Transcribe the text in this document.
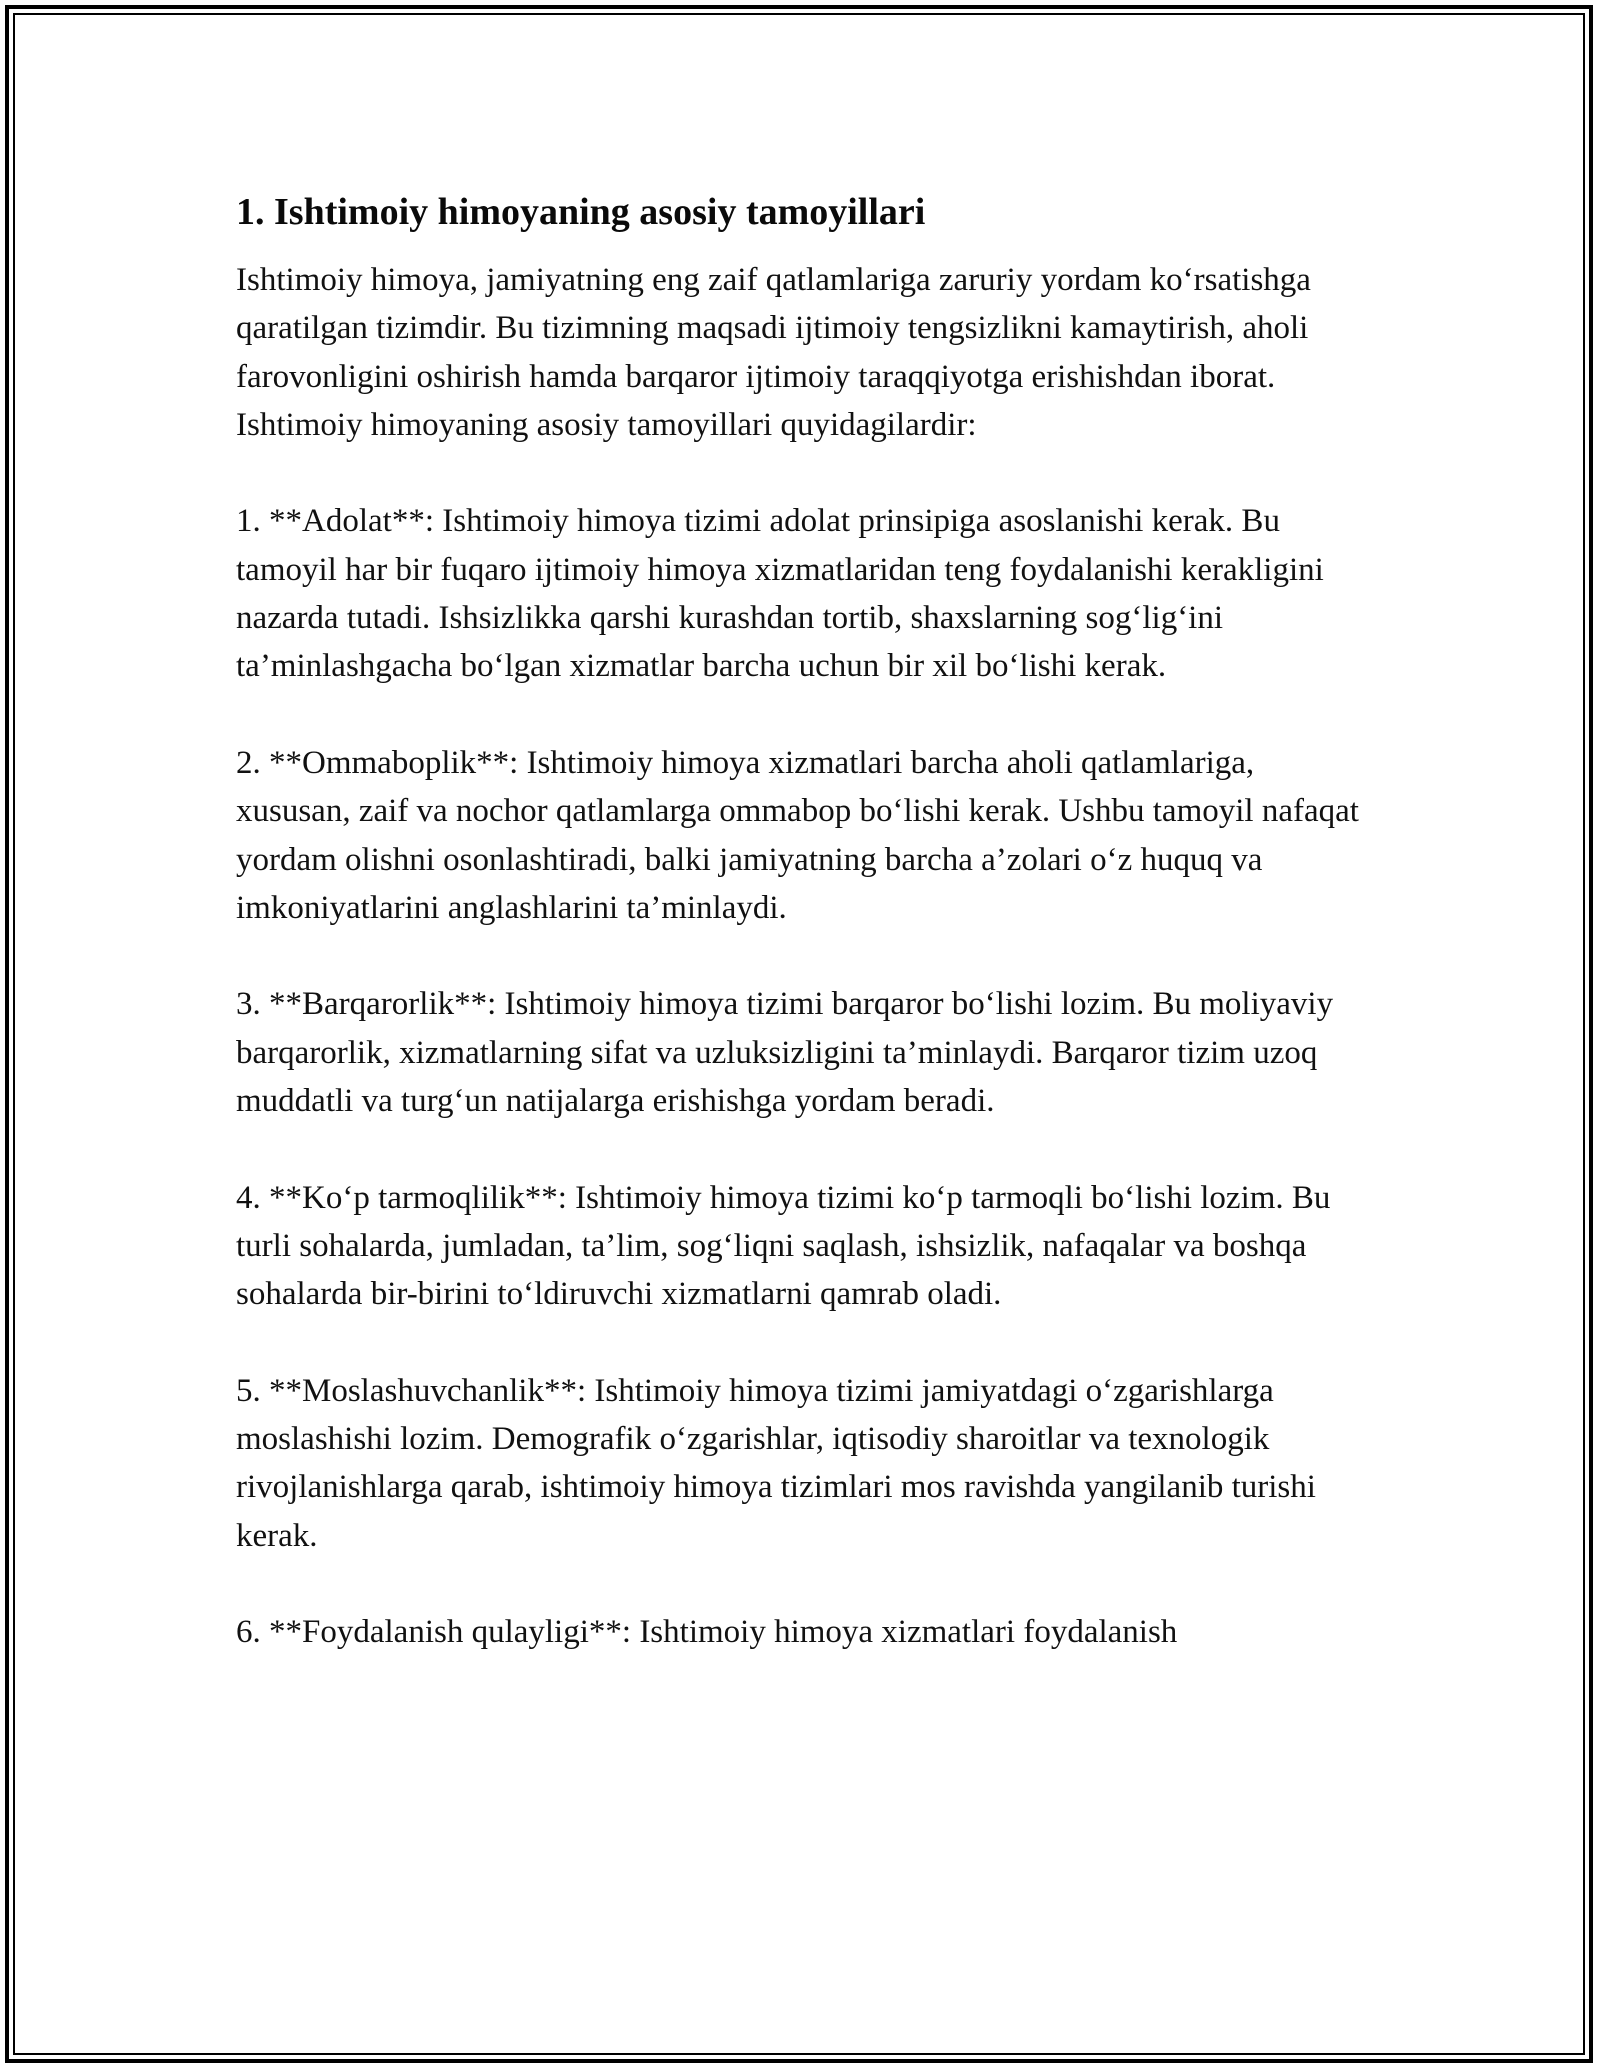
1. Ishtimoiy himoyaning asosiy tamoyillari

Ishtimoiy himoya, jamiyatning eng zaif qatlamlariga zaruriy yordam ko‘rsatishga qaratilgan tizimdir. Bu tizimning maqsadi ijtimoiy tengsizlikni kamaytirish, aholi farovonligini oshirish hamda barqaror ijtimoiy taraqqiyotga erishishdan iborat. Ishtimoiy himoyaning asosiy tamoyillari quyidagilardir:

1. **Adolat**: Ishtimoiy himoya tizimi adolat prinsipiga asoslanishi kerak. Bu tamoyil har bir fuqaro ijtimoiy himoya xizmatlaridan teng foydalanishi kerakligini nazarda tutadi. Ishsizlikka qarshi kurashdan tortib, shaxslarning sog‘lig‘ini ta’minlashgacha bo‘lgan xizmatlar barcha uchun bir xil bo‘lishi kerak.

2. **Ommaboplik**: Ishtimoiy himoya xizmatlari barcha aholi qatlamlariga, xususan, zaif va nochor qatlamlarga ommabop bo‘lishi kerak. Ushbu tamoyil nafaqat yordam olishni osonlashtiradi, balki jamiyatning barcha a’zolari o‘z huquq va imkoniyatlarini anglashlarini ta’minlaydi.

3. **Barqarorlik**: Ishtimoiy himoya tizimi barqaror bo‘lishi lozim. Bu moliyaviy barqarorlik, xizmatlarning sifat va uzluksizligini ta’minlaydi. Barqaror tizim uzoq muddatli va turg‘un natijalarga erishishga yordam beradi.

4. **Ko‘p tarmoqlilik**: Ishtimoiy himoya tizimi ko‘p tarmoqli bo‘lishi lozim. Bu turli sohalarda, jumladan, ta’lim, sog‘liqni saqlash, ishsizlik, nafaqalar va boshqa sohalarda bir-birini to‘ldiruvchi xizmatlarni qamrab oladi.

5. **Moslashuvchanlik**: Ishtimoiy himoya tizimi jamiyatdagi o‘zgarishlarga moslashishi lozim. Demografik o‘zgarishlar, iqtisodiy sharoitlar va texnologik rivojlanishlarga qarab, ishtimoiy himoya tizimlari mos ravishda yangilanib turishi kerak.

6. **Foydalanish qulayligi**: Ishtimoiy himoya xizmatlari foydalanish
